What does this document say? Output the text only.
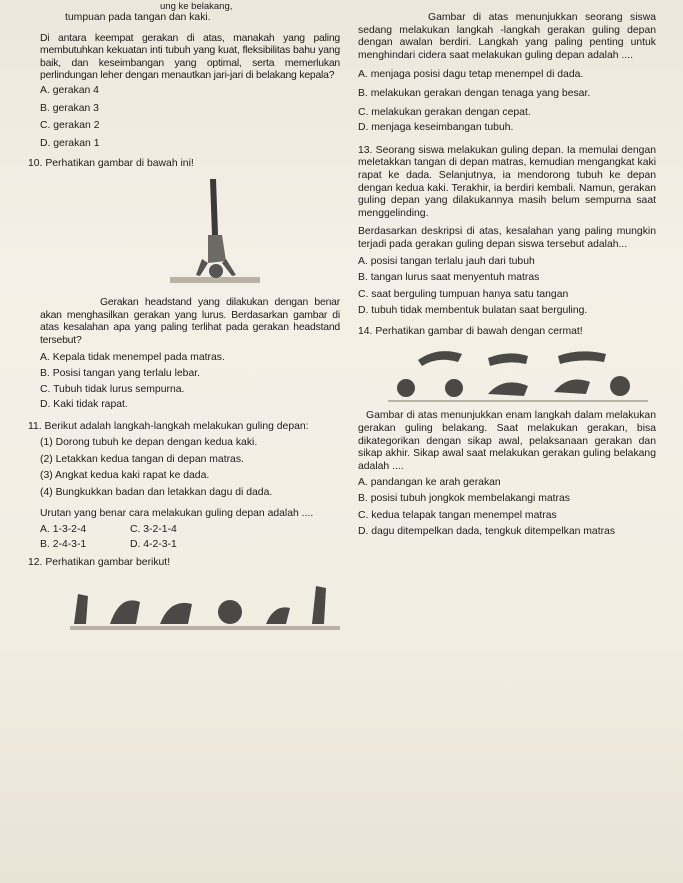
ung ke belakang,

tumpuan pada tangan dan kaki.

Di antara keempat gerakan di atas, manakah yang paling membutuhkan kekuatan inti tubuh yang kuat, fleksibilitas bahu yang baik, dan keseimbangan yang optimal, serta memerlukan perlindungan leher dengan menautkan jari-jari di belakang kepala?

A. gerakan 4

B. gerakan 3

C. gerakan 2

D. gerakan 1

10. Perhatikan gambar di bawah ini!

Gerakan headstand yang dilakukan dengan benar akan menghasilkan gerakan yang lurus. Berdasarkan gambar di atas kesalahan apa yang paling terlihat pada gerakan headstand tersebut?

A. Kepala tidak menempel pada matras.

B. Posisi tangan yang terlalu lebar.

C. Tubuh tidak lurus sempurna.

D. Kaki tidak rapat.

11. Berikut adalah langkah-langkah melakukan guling depan:

(1) Dorong tubuh ke depan dengan kedua kaki.

(2) Letakkan kedua tangan di depan matras.

(3) Angkat kedua kaki rapat ke dada.

(4) Bungkukkan badan dan letakkan dagu di dada.

Urutan yang benar cara melakukan guling depan adalah ....

A. 1-3-2-4	C. 3-2-1-4

B. 2-4-3-1	D. 4-2-3-1

12. Perhatikan gambar berikut!

Gambar di atas menunjukkan seorang siswa sedang melakukan langkah -langkah gerakan guling depan dengan awalan berdiri. Langkah yang paling penting untuk menghindari cidera saat melakukan guling depan adalah ....

A. menjaga posisi dagu tetap menempel di dada.

B. melakukan gerakan dengan tenaga yang besar.

C. melakukan gerakan dengan cepat.

D. menjaga keseimbangan tubuh.

13. Seorang siswa melakukan guling depan. Ia memulai dengan meletakkan tangan di depan matras, kemudian mengangkat kaki rapat ke dada. Selanjutnya, ia mendorong tubuh ke depan dengan kedua kaki. Terakhir, ia berdiri kembali. Namun, gerakan guling depan yang dilakukannya masih belum sempurna saat menggelinding.

Berdasarkan deskripsi di atas, kesalahan yang paling mungkin terjadi pada gerakan guling depan siswa tersebut adalah...

A. posisi tangan terlalu jauh dari tubuh

B. tangan lurus saat menyentuh matras

C. saat berguling tumpuan hanya satu tangan

D. tubuh tidak membentuk bulatan saat berguling.

14. Perhatikan gambar di bawah dengan cermat!

Gambar di atas menunjukkan enam langkah dalam melakukan gerakan guling belakang. Saat melakukan gerakan, bisa dikategorikan dengan sikap awal, pelaksanaan gerakan dan sikap akhir. Sikap awal saat melakukan gerakan guling belakang adalah ....

A. pandangan ke arah gerakan

B. posisi tubuh jongkok membelakangi matras

C. kedua telapak tangan menempel matras

D. dagu ditempelkan dada, tengkuk ditempelkan matras
